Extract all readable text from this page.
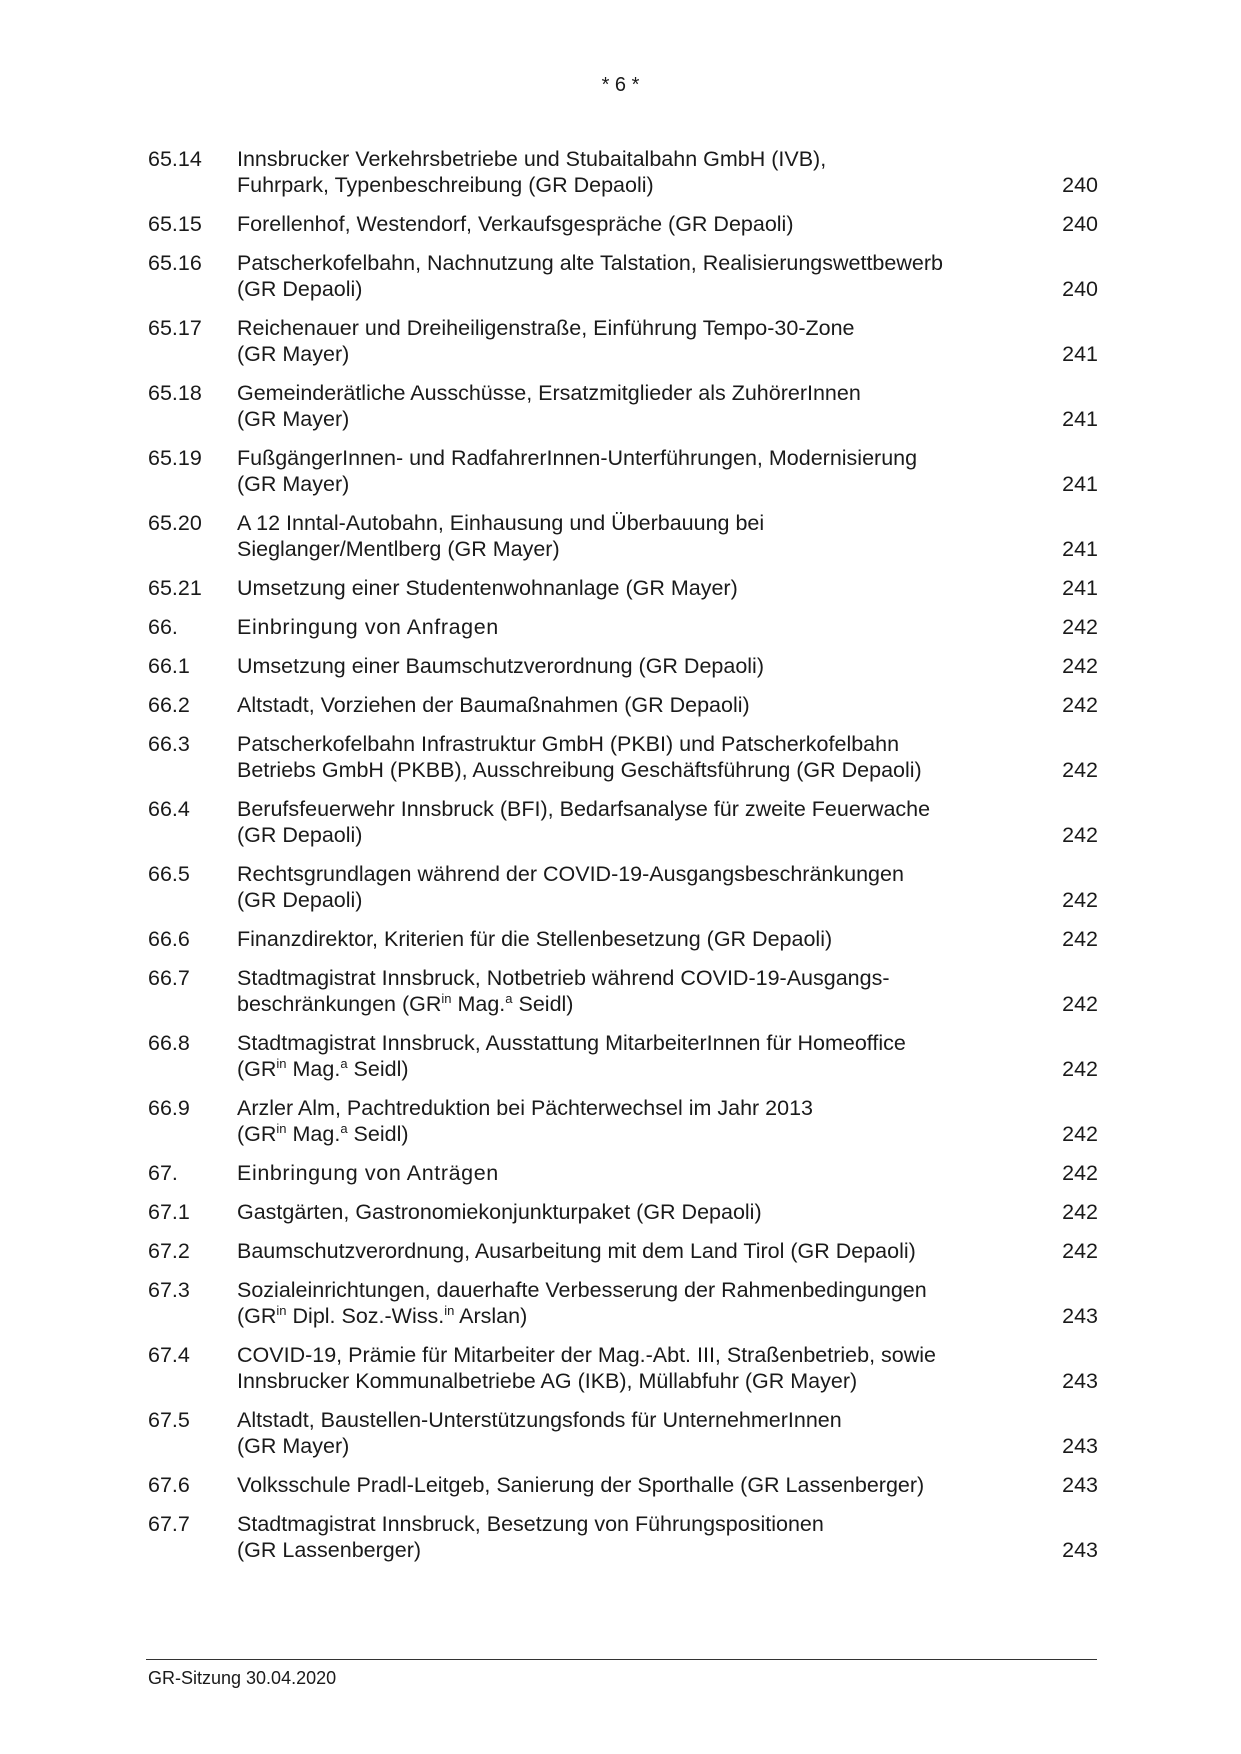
* 6 *
65.14	Innsbrucker Verkehrsbetriebe und Stubaitalbahn GmbH (IVB),
Fuhrpark, Typenbeschreibung (GR Depaoli)	240
65.15	Forellenhof, Westendorf, Verkaufsgespräche (GR Depaoli)	240
65.16	Patscherkofelbahn, Nachnutzung alte Talstation, Realisierungswettbewerb
(GR Depaoli)	240
65.17	Reichenauer und Dreiheiligenstraße, Einführung Tempo-30-Zone
(GR Mayer)	241
65.18	Gemeinderätliche Ausschüsse, Ersatzmitglieder als ZuhörerInnen
(GR Mayer)	241
65.19	FußgängerInnen- und RadfahrerInnen-Unterführungen, Modernisierung
(GR Mayer)	241
65.20	A 12 Inntal-Autobahn, Einhausung und Überbauung bei
Sieglanger/Mentlberg (GR Mayer)	241
65.21	Umsetzung einer Studentenwohnanlage (GR Mayer)	241
66.	Einbringung von Anfragen	242
66.1	Umsetzung einer Baumschutzverordnung (GR Depaoli)	242
66.2	Altstadt, Vorziehen der Baumaßnahmen (GR Depaoli)	242
66.3	Patscherkofelbahn Infrastruktur GmbH (PKBI) und Patscherkofelbahn
Betriebs GmbH (PKBB), Ausschreibung Geschäftsführung (GR Depaoli)	242
66.4	Berufsfeuerwehr Innsbruck (BFI), Bedarfsanalyse für zweite Feuerwache
(GR Depaoli)	242
66.5	Rechtsgrundlagen während der COVID-19-Ausgangsbeschränkungen
(GR Depaoli)	242
66.6	Finanzdirektor, Kriterien für die Stellenbesetzung (GR Depaoli)	242
66.7	Stadtmagistrat Innsbruck, Notbetrieb während COVID-19-Ausgangs-
beschränkungen ($GR^{in}$ Mag.$^a$ Seidl)	242
66.8	Stadtmagistrat Innsbruck, Ausstattung MitarbeiterInnen für Homeoffice
($GR^{in}$ Mag.$^a$ Seidl)	242
66.9	Arzler Alm, Pachtreduktion bei Pächterwechsel im Jahr 2013
($GR^{in}$ Mag.$^a$ Seidl)	242
67.	Einbringung von Anträgen	242
67.1	Gastgärten, Gastronomiekonjunkturpaket (GR Depaoli)	242
67.2	Baumschutzverordnung, Ausarbeitung mit dem Land Tirol (GR Depaoli)	242
67.3	Sozialeinrichtungen, dauerhafte Verbesserung der Rahmenbedingungen
($GR^{in}$ Dipl. Soz.-Wiss.$^{in}$ Arslan)	243
67.4	COVID-19, Prämie für Mitarbeiter der Mag.-Abt. III, Straßenbetrieb, sowie
Innsbrucker Kommunalbetriebe AG (IKB), Müllabfuhr (GR Mayer)	243
67.5	Altstadt, Baustellen-Unterstützungsfonds für UnternehmerInnen
(GR Mayer)	243
67.6	Volksschule Pradl-Leitgeb, Sanierung der Sporthalle (GR Lassenberger)	243
67.7	Stadtmagistrat Innsbruck, Besetzung von Führungspositionen
(GR Lassenberger)	243
GR-Sitzung 30.04.2020
